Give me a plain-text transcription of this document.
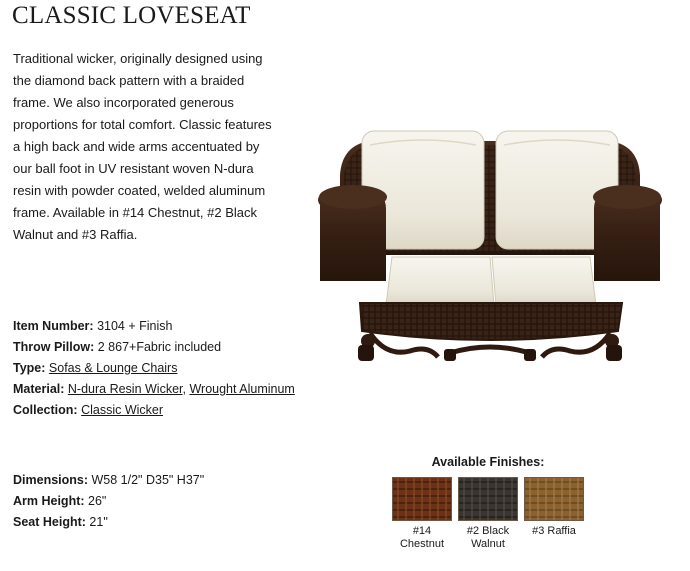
CLASSIC LOVESEAT
Traditional wicker, originally designed using the diamond back pattern with a braided frame. We also incorporated generous proportions for total comfort. Classic features a high back and wide arms accentuated by our ball foot in UV resistant woven N-dura resin with powder coated, welded aluminum frame. Available in #14 Chestnut, #2 Black Walnut and #3 Raffia.
Item Number: 3104 + Finish
Throw Pillow: 2 867+Fabric included
Type: Sofas & Lounge Chairs
Material: N-dura Resin Wicker, Wrought Aluminum
Collection: Classic Wicker
Dimensions: W58 1/2" D35" H37"
Arm Height: 26"
Seat Height: 21"
Available Finishes:
#14
Chestnut
#2 Black
Walnut
#3 Raffia
